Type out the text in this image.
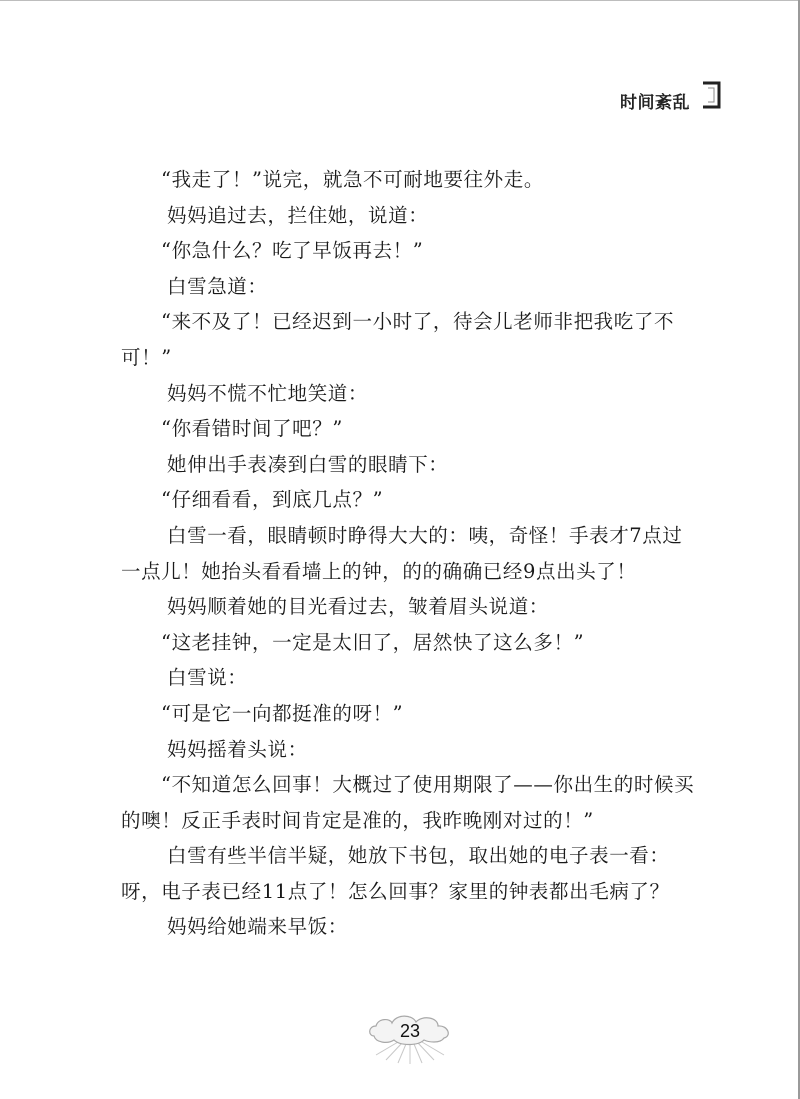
时间紊乱

“我走了！”说完，就急不可耐地要往外走。

妈妈追过去，拦住她，说道：

“你急什么？吃了早饭再去！”

白雪急道：

“来不及了！已经迟到一小时了，待会儿老师非把我吃了不可！”

妈妈不慌不忙地笑道：

“你看错时间了吧？”

她伸出手表凑到白雪的眼睛下：

“仔细看看，到底几点？”

白雪一看，眼睛顿时睁得大大的：咦，奇怪！手表才7点过一点儿！她抬头看看墙上的钟，的的确确已经9点出头了！

妈妈顺着她的目光看过去，皱着眉头说道：

“这老挂钟，一定是太旧了，居然快了这么多！”

白雪说：

“可是它一向都挺准的呀！”

妈妈摇着头说：

“不知道怎么回事！大概过了使用期限了——你出生的时候买的噢！反正手表时间肯定是准的，我昨晚刚对过的！”

白雪有些半信半疑，她放下书包，取出她的电子表一看：呀，电子表已经11点了！怎么回事？家里的钟表都出毛病了？

妈妈给她端来早饭：

23
